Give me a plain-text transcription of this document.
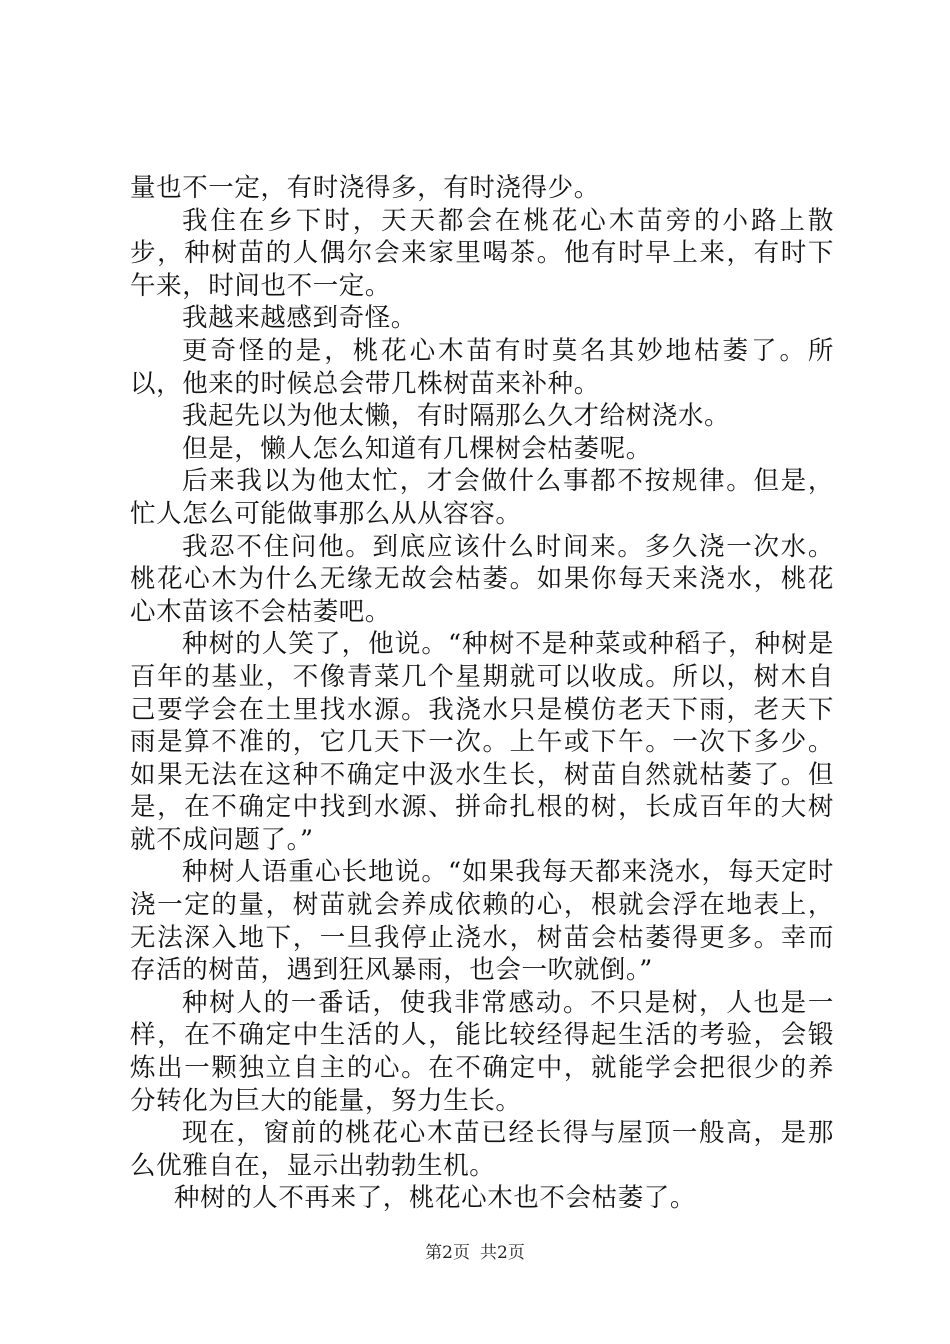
量也不一定，有时浇得多，有时浇得少。

我住在乡下时，天天都会在桃花心木苗旁的小路上散步，种树苗的人偶尔会来家里喝茶。他有时早上来，有时下午来，时间也不一定。

我越来越感到奇怪。

更奇怪的是，桃花心木苗有时莫名其妙地枯萎了。所以，他来的时候总会带几株树苗来补种。

我起先以为他太懒，有时隔那么久才给树浇水。

但是，懒人怎么知道有几棵树会枯萎呢。

后来我以为他太忙，才会做什么事都不按规律。但是，忙人怎么可能做事那么从从容容。

我忍不住问他。到底应该什么时间来。多久浇一次水。桃花心木为什么无缘无故会枯萎。如果你每天来浇水，桃花心木苗该不会枯萎吧。

种树的人笑了，他说。“种树不是种菜或种稻子，种树是百年的基业，不像青菜几个星期就可以收成。所以，树木自己要学会在土里找水源。我浇水只是模仿老天下雨，老天下雨是算不准的，它几天下一次。上午或下午。一次下多少。如果无法在这种不确定中汲水生长，树苗自然就枯萎了。但是，在不确定中找到水源、拼命扎根的树，长成百年的大树就不成问题了。”

种树人语重心长地说。“如果我每天都来浇水，每天定时浇一定的量，树苗就会养成依赖的心，根就会浮在地表上，无法深入地下，一旦我停止浇水，树苗会枯萎得更多。幸而存活的树苗，遇到狂风暴雨，也会一吹就倒。”

种树人的一番话，使我非常感动。不只是树，人也是一样，在不确定中生活的人，能比较经得起生活的考验，会锻炼出一颗独立自主的心。在不确定中，就能学会把很少的养分转化为巨大的能量，努力生长。

现在，窗前的桃花心木苗已经长得与屋顶一般高，是那么优雅自在，显示出勃勃生机。

种树的人不再来了，桃花心木也不会枯萎了。

第2页 共2页
